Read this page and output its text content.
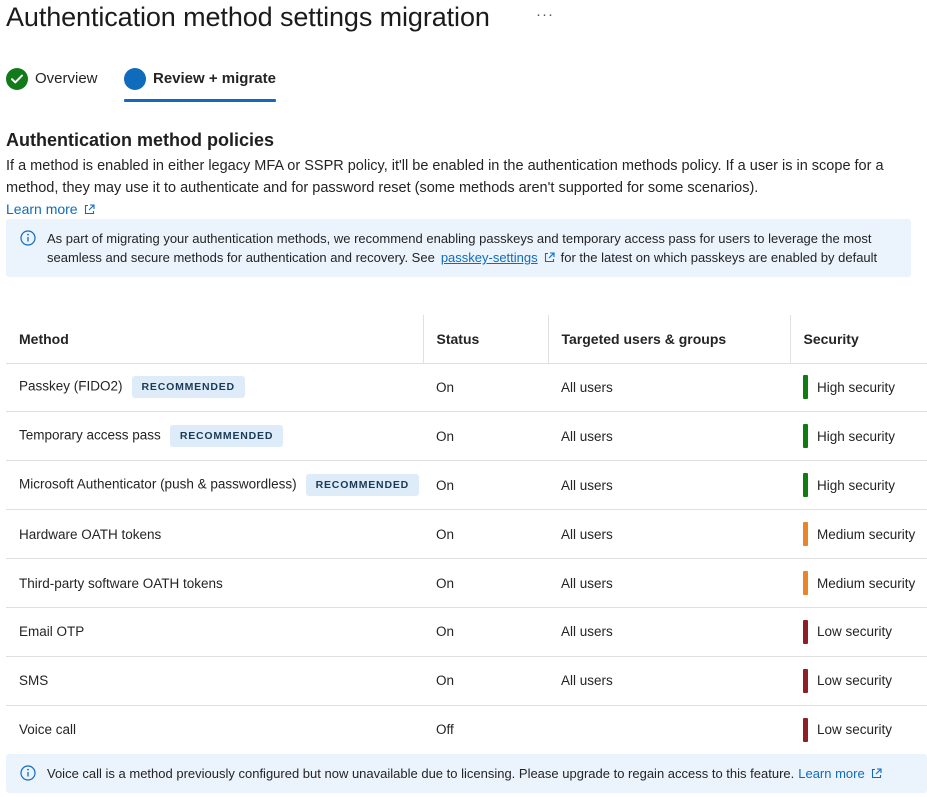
Authentication method settings migration	···
Overview	Review + migrate
Authentication method policies

If a method is enabled in either legacy MFA or SSPR policy, it'll be enabled in the authentication methods policy. If a user is in scope for a method, they may use it to authenticate and for password reset (some methods aren't supported for some scenarios).

Learn more
As part of migrating your authentication methods, we recommend enabling passkeys and temporary access pass for users to leverage the most seamless and secure methods for authentication and recovery. See passkey-settings for the latest on which passkeys are enabled by default
Method	Status	Targeted users & groups	Security
Passkey (FIDO2) RECOMMENDED	On	All users	High security

Temporary access pass RECOMMENDED	On	All users	High security

Microsoft Authenticator (push & passwordless) RECOMMENDED	On	All users	High security

Hardware OATH tokens	On	All users	Medium security

Third-party software OATH tokens	On	All users	Medium security

Email OTP	On	All users	Low security

SMS	On	All users	Low security

Voice call	Off		Low security
Voice call is a method previously configured but now unavailable due to licensing. Please upgrade to regain access to this feature. Learn more
